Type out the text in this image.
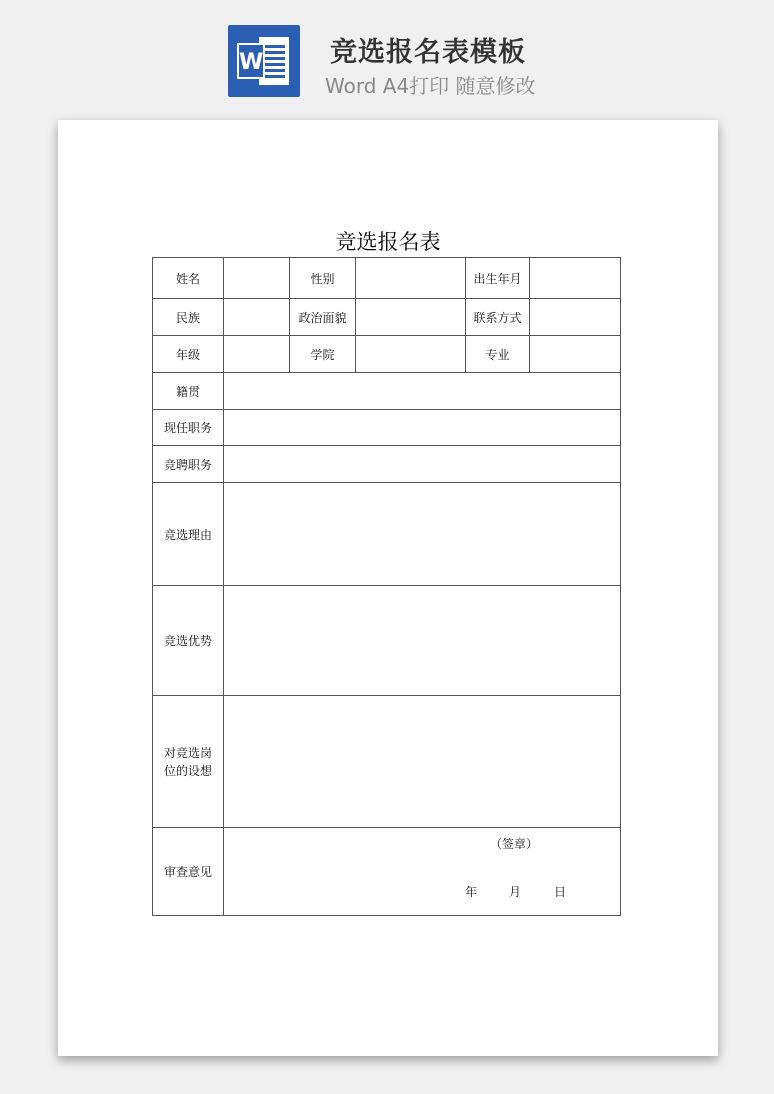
W 竞选报名表模板
Word A4打印 随意修改

竞选报名表
姓名	性别	出生年月
民族	政治面貌	联系方式
年级	学院	专业
籍贯
现任职务
竞聘职务
竞选理由
竞选优势
对竞选岗位的设想
审查意见
（签章）
年	月	日
